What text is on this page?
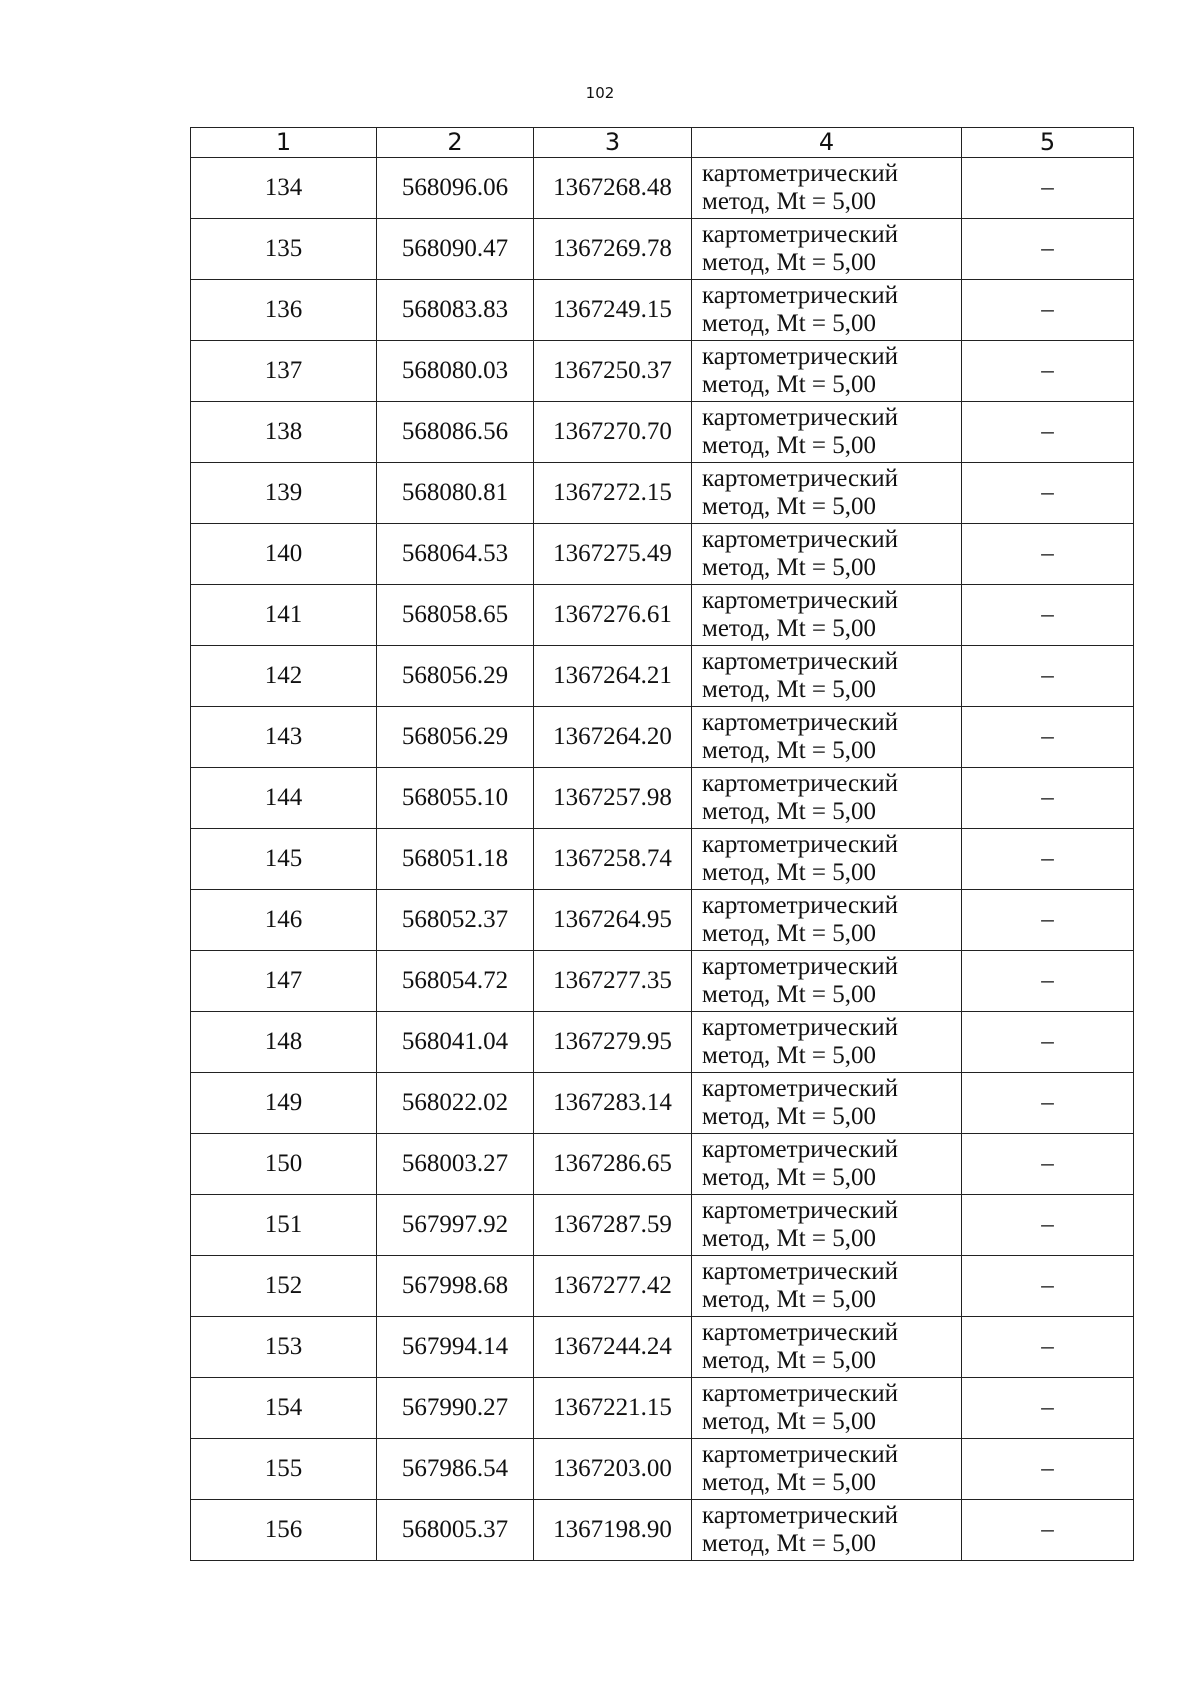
102
1	2	3	4	5
134	568096.06	1367268.48	картометрический
метод, Mt = 5,00	–
135	568090.47	1367269.78	картометрический
метод, Mt = 5,00	–
136	568083.83	1367249.15	картометрический
метод, Mt = 5,00	–
137	568080.03	1367250.37	картометрический
метод, Mt = 5,00	–
138	568086.56	1367270.70	картометрический
метод, Mt = 5,00	–
139	568080.81	1367272.15	картометрический
метод, Mt = 5,00	–
140	568064.53	1367275.49	картометрический
метод, Mt = 5,00	–
141	568058.65	1367276.61	картометрический
метод, Mt = 5,00	–
142	568056.29	1367264.21	картометрический
метод, Mt = 5,00	–
143	568056.29	1367264.20	картометрический
метод, Mt = 5,00	–
144	568055.10	1367257.98	картометрический
метод, Mt = 5,00	–
145	568051.18	1367258.74	картометрический
метод, Mt = 5,00	–
146	568052.37	1367264.95	картометрический
метод, Mt = 5,00	–
147	568054.72	1367277.35	картометрический
метод, Mt = 5,00	–
148	568041.04	1367279.95	картометрический
метод, Mt = 5,00	–
149	568022.02	1367283.14	картометрический
метод, Mt = 5,00	–
150	568003.27	1367286.65	картометрический
метод, Mt = 5,00	–
151	567997.92	1367287.59	картометрический
метод, Mt = 5,00	–
152	567998.68	1367277.42	картометрический
метод, Mt = 5,00	–
153	567994.14	1367244.24	картометрический
метод, Mt = 5,00	–
154	567990.27	1367221.15	картометрический
метод, Mt = 5,00	–
155	567986.54	1367203.00	картометрический
метод, Mt = 5,00	–
156	568005.37	1367198.90	картометрический
метод, Mt = 5,00	–
